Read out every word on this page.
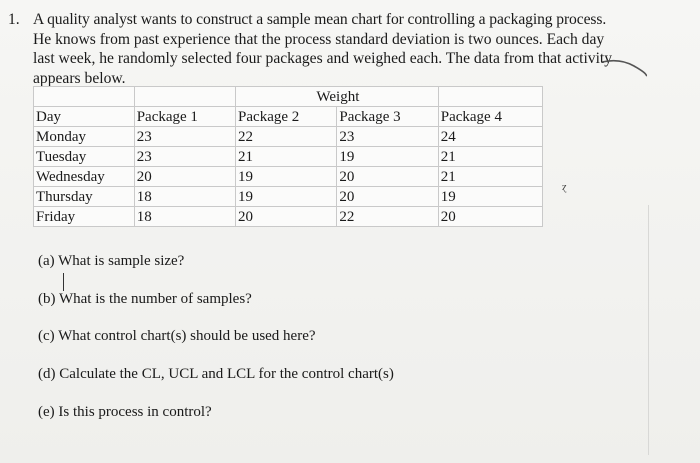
1. A quality analyst wants to construct a sample mean chart for controlling a packaging process.
He knows from past experience that the process standard deviation is two ounces. Each day
last week, he randomly selected four packages and weighed each. The data from that activity
appears below.
		Weight		
Day	Package 1	Package 2	Package 3	Package 4
Monday	23	22	23	24
Tuesday	23	21	19	21
Wednesday	20	19	20	21
Thursday	18	19	20	19
Friday	18	20	22	20
ɀ
(a) What is sample size?
(b) What is the number of samples?
(c) What control chart(s) should be used here?
(d) Calculate the CL, UCL and LCL for the control chart(s)
(e) Is this process in control?
